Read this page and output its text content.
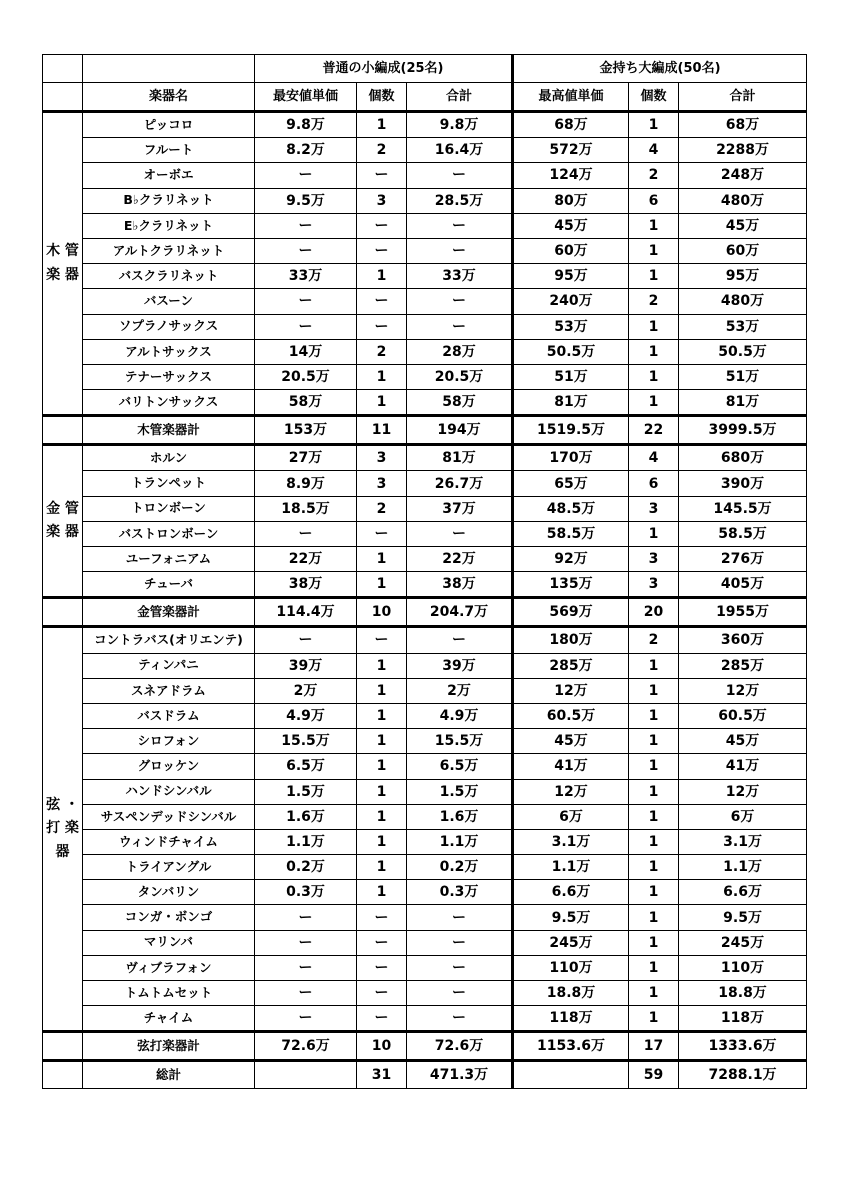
		普通の小編成(25名)			金持ち大編成(50名)		
	楽器名	最安値単価	個数	合計	最高値単価	個数	合計
木 管 楽 器	ピッコロ	9.8万	1	9.8万	68万	1	68万
	フルート	8.2万	2	16.4万	572万	4	2288万
	オーボエ	ー	ー	ー	124万	2	248万
	B♭クラリネット	9.5万	3	28.5万	80万	6	480万
	E♭クラリネット	ー	ー	ー	45万	1	45万
	アルトクラリネット	ー	ー	ー	60万	1	60万
	バスクラリネット	33万	1	33万	95万	1	95万
	バスーン	ー	ー	ー	240万	2	480万
	ソプラノサックス	ー	ー	ー	53万	1	53万
	アルトサックス	14万	2	28万	50.5万	1	50.5万
	テナーサックス	20.5万	1	20.5万	51万	1	51万
	バリトンサックス	58万	1	58万	81万	1	81万
	木管楽器計	153万	11	194万	1519.5万	22	3999.5万
金 管 楽 器	ホルン	27万	3	81万	170万	4	680万
	トランペット	8.9万	3	26.7万	65万	6	390万
	トロンボーン	18.5万	2	37万	48.5万	3	145.5万
	バストロンボーン	ー	ー	ー	58.5万	1	58.5万
	ユーフォニアム	22万	1	22万	92万	3	276万
	チューバ	38万	1	38万	135万	3	405万
	金管楽器計	114.4万	10	204.7万	569万	20	1955万
弦 ・ 打 楽 器	コントラバス(オリエンテ)	ー	ー	ー	180万	2	360万
	ティンパニ	39万	1	39万	285万	1	285万
	スネアドラム	2万	1	2万	12万	1	12万
	バスドラム	4.9万	1	4.9万	60.5万	1	60.5万
	シロフォン	15.5万	1	15.5万	45万	1	45万
	グロッケン	6.5万	1	6.5万	41万	1	41万
	ハンドシンバル	1.5万	1	1.5万	12万	1	12万
	サスペンデッドシンバル	1.6万	1	1.6万	6万	1	6万
	ウィンドチャイム	1.1万	1	1.1万	3.1万	1	3.1万
	トライアングル	0.2万	1	0.2万	1.1万	1	1.1万
	タンバリン	0.3万	1	0.3万	6.6万	1	6.6万
	コンガ・ボンゴ	ー	ー	ー	9.5万	1	9.5万
	マリンバ	ー	ー	ー	245万	1	245万
	ヴィブラフォン	ー	ー	ー	110万	1	110万
	トムトムセット	ー	ー	ー	18.8万	1	18.8万
	チャイム	ー	ー	ー	118万	1	118万
	弦打楽器計	72.6万	10	72.6万	1153.6万	17	1333.6万
	総計		31	471.3万		59	7288.1万
